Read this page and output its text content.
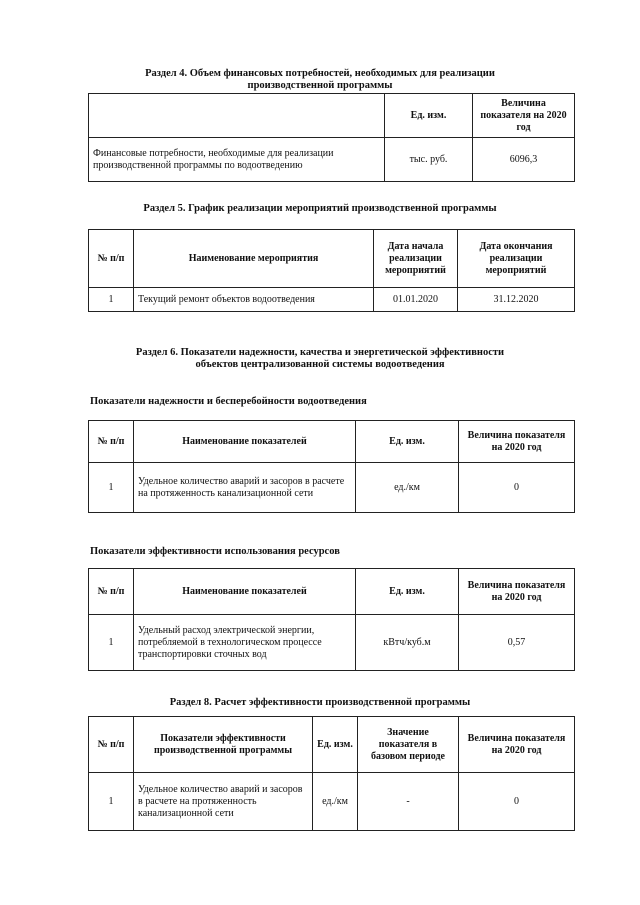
Раздел 4. Объем финансовых потребностей, необходимых для реализации
производственной программы
	Ед. изм.	Величина показателя на 2020 год
Финансовые потребности, необходимые для реализации производственной программы по водоотведению	тыс. руб.	6096,3
Раздел 5. График реализации мероприятий производственной программы
№ п/п	Наименование мероприятия	Дата начала реализации мероприятий	Дата окончания реализации мероприятий
1	Текущий ремонт объектов водоотведения	01.01.2020	31.12.2020
Раздел 6. Показатели надежности, качества и энергетической эффективности
объектов централизованной системы водоотведения
Показатели надежности и бесперебойности водоотведения
№ п/п	Наименование показателей	Ед. изм.	Величина показателя на 2020 год
1	Удельное количество аварий и засоров в расчете на протяженность канализационной сети	ед./км	0
Показатели эффективности использования ресурсов
№ п/п	Наименование показателей	Ед. изм.	Величина показателя на 2020 год
1	Удельный расход электрической энергии, потребляемой в технологическом процессе транспортировки сточных вод	кВтч/куб.м	0,57
Раздел 8. Расчет эффективности производственной программы
№ п/п	Показатели эффективности производственной программы	Ед. изм.	Значение показателя в базовом периоде	Величина показателя на 2020 год
1	Удельное количество аварий и засоров в расчете на протяженность канализационной сети	ед./км	-	0
